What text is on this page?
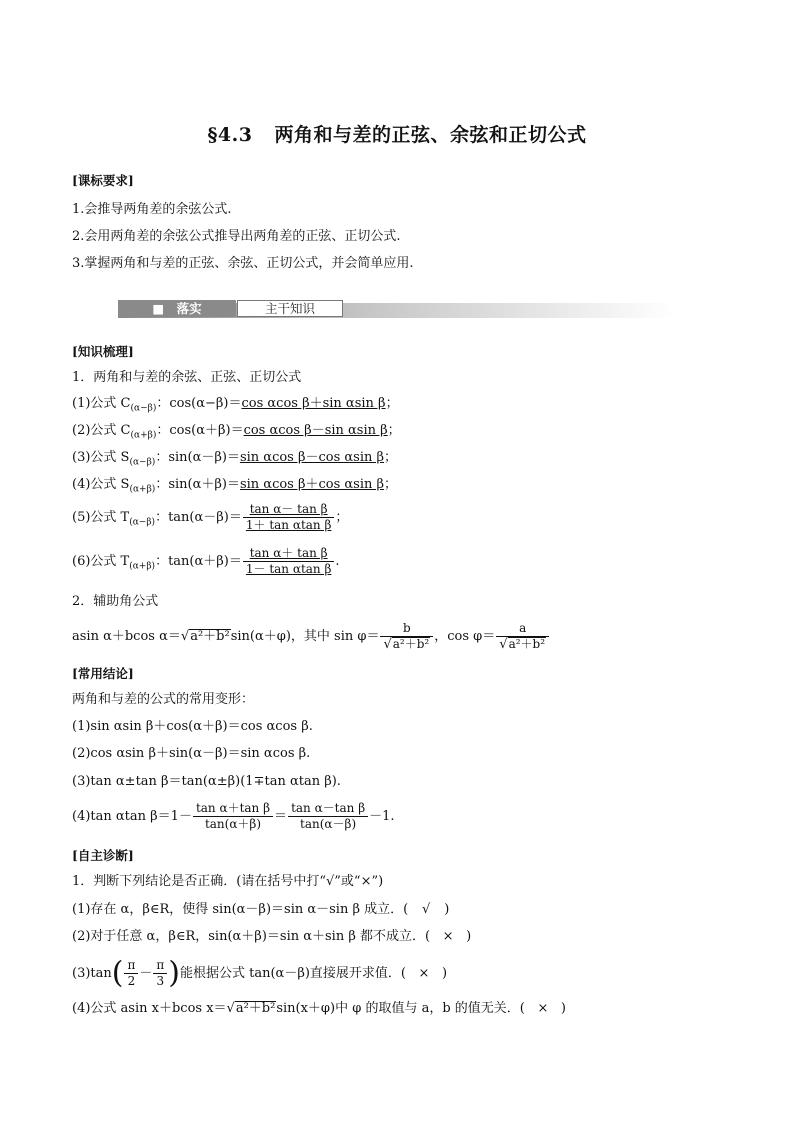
§4.3 两角和与差的正弦、余弦和正切公式
[课标要求]
1.会推导两角差的余弦公式.
2.会用两角差的余弦公式推导出两角差的正弦、正切公式.
3.掌握两角和与差的正弦、余弦、正切公式，并会简单应用.
■　落实	主干知识
[知识梳理]
1．两角和与差的余弦、正弦、正切公式
(1)公式 $C_{(\alpha-\beta)}$：cos(α−β)＝cos αcos β＋sin αsin β；
(2)公式 $C_{(\alpha+\beta)}$：cos(α＋β)＝cos αcos β－sin αsin β；
(3)公式 $S_{(\alpha-\beta)}$：sin(α－β)＝sin αcos β－cos αsin β；
(4)公式 $S_{(\alpha+\beta)}$：sin(α＋β)＝sin αcos β＋cos αsin β；
(5)公式 $T_{(\alpha-\beta)}$：$\tan(\alpha-\beta)= \frac{\text{tan α－ tan β}}{\text{1＋ tan αtan β}}$ ；
(6)公式 $T_{(\alpha+\beta)}$：$\tan(\alpha+\beta)= \frac{\text{tan α＋ tan β}}{\text{1－ tan αtan β}}$ .
2．辅助角公式
asin α＋bcos α＝√a²＋b²sin(α＋φ)，其中 $\sin \varphi= \frac{b}{\text{√a²＋b²}}$ ，$\cos \varphi= \frac{a}{\text{√a²＋b²}}$
[常用结论]
两角和与差的公式的常用变形：
(1)sin αsin β＋cos(α＋β)＝cos αcos β.
(2)cos αsin β＋sin(α－β)＝sin αcos β.
(3)tan α±tan β＝tan(α±β)(1∓tan αtan β).
(4)tan αtan $\beta=1- \frac{\text{tan α＋tan β}}{\tan(\alpha+\beta)} = \frac{\text{tan α－tan β}}{\tan(\alpha-\beta)} -1$.
[自主诊断]
1．判断下列结论是否正确．(请在括号中打“√”或“×”)
(1)存在 α，β∈R，使得 sin(α－β)＝sin α－sin β 成立．( √ )
(2)对于任意 α，β∈R，sin(α＋β)＝sin α＋sin β 都不成立．( × )
$(3)\tan( \frac{\pi}{2} - \frac{\pi}{3}$ )能根据公式 tan(α－β)直接展开求值．( × )
(4)公式 asin x＋bcos x＝√a²＋b²sin(x＋φ)中 φ 的取值与 a，b 的值无关．( × )
